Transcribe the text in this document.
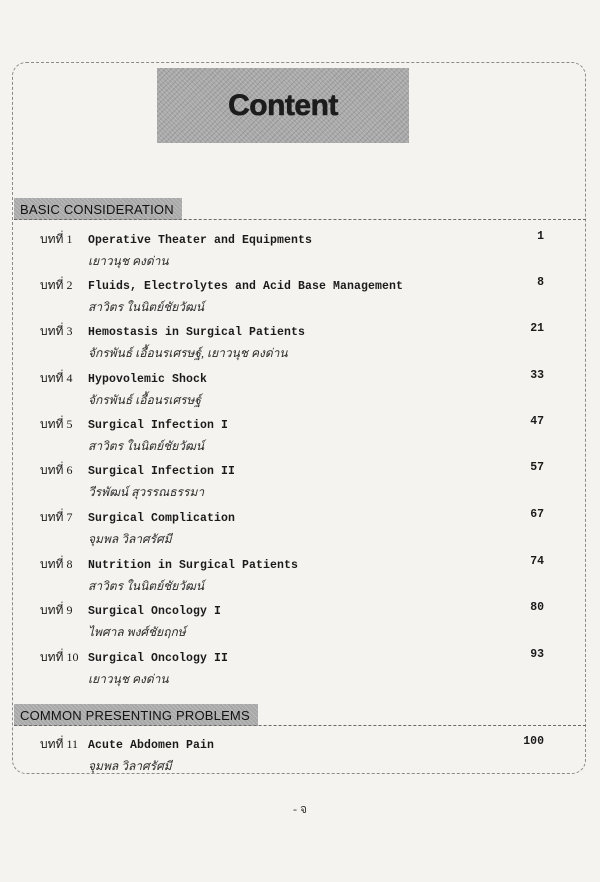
Content
BASIC CONSIDERATION
บทที่ 1	Operative Theater and Equipments	1
เยาวนุช คงด่าน
บทที่ 2	Fluids, Electrolytes and Acid Base Management	8
สาวิตร ในนิตย์ชัยวัฒน์
บทที่ 3	Hemostasis in Surgical Patients	21
จักรพันธ์ เอื้อนรเศรษฐ์, เยาวนุช คงด่าน
บทที่ 4	Hypovolemic Shock	33
จักรพันธ์ เอื้อนรเศรษฐ์
บทที่ 5	Surgical Infection I	47
สาวิตร ในนิตย์ชัยวัฒน์
บทที่ 6	Surgical Infection II	57
วีรพัฒน์ สุวรรณธรรมา
บทที่ 7	Surgical Complication	67
จุมพล วิลาศรัศมี
บทที่ 8	Nutrition in Surgical Patients	74
สาวิตร ในนิตย์ชัยวัฒน์
บทที่ 9	Surgical Oncology I	80
ไพศาล พงศ์ชัยฤกษ์
บทที่ 10 Surgical Oncology II	93
เยาวนุช คงด่าน
COMMON PRESENTING PROBLEMS
บทที่ 11 Acute Abdomen Pain	100
จุมพล วิลาศรัศมี
- จ
